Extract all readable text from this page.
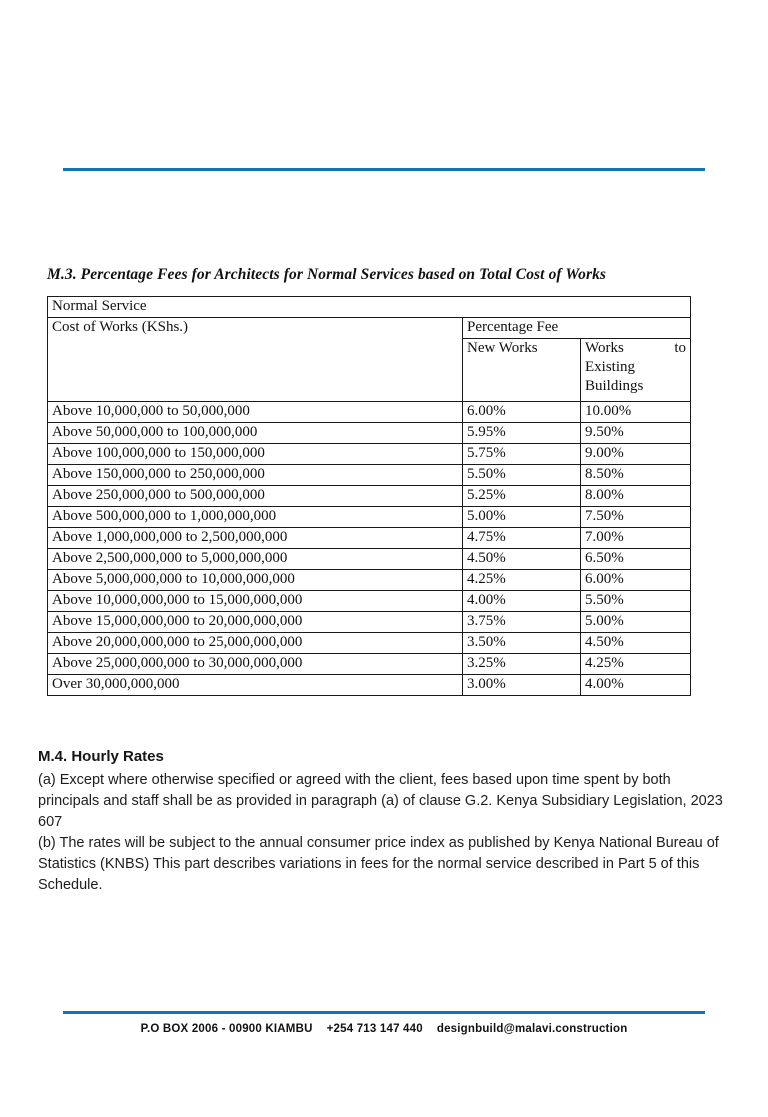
M.3. Percentage Fees for Architects for Normal Services based on Total Cost of Works
Normal Service		
Cost of Works (KShs.)	Percentage Fee	
	New Works	Works to
Existing
Buildings

Above 10,000,000 to 50,000,000	6.00%	10.00%
Above 50,000,000 to 100,000,000	5.95%	9.50%
Above 100,000,000 to 150,000,000	5.75%	9.00%
Above 150,000,000 to 250,000,000	5.50%	8.50%
Above 250,000,000 to 500,000,000	5.25%	8.00%
Above 500,000,000 to 1,000,000,000	5.00%	7.50%
Above 1,000,000,000 to 2,500,000,000	4.75%	7.00%
Above 2,500,000,000 to 5,000,000,000	4.50%	6.50%
Above 5,000,000,000 to 10,000,000,000	4.25%	6.00%
Above 10,000,000,000 to 15,000,000,000	4.00%	5.50%
Above 15,000,000,000 to 20,000,000,000	3.75%	5.00%
Above 20,000,000,000 to 25,000,000,000	3.50%	4.50%
Above 25,000,000,000 to 30,000,000,000	3.25%	4.25%
Over 30,000,000,000	3.00%	4.00%
M.4. Hourly Rates

(a) Except where otherwise specified or agreed with the client, fees based upon time spent by both principals and staff shall be as provided in paragraph (a) of clause G.2. Kenya Subsidiary Legislation, 2023 607

(b) The rates will be subject to the annual consumer price index as published by Kenya National Bureau of Statistics (KNBS) This part describes variations in fees for the normal service described in Part 5 of this Schedule.

P.O BOX 2006 - 00900 KIAMBU +254 713 147 440 designbuild@malavi.construction
